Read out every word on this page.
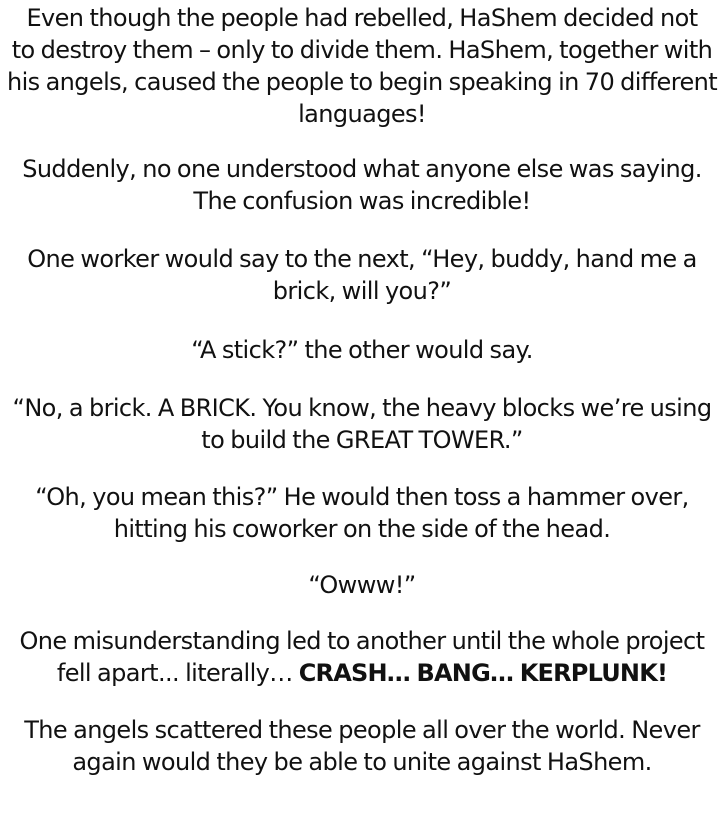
Even though the people had rebelled, HaShem decided not
to destroy them – only to divide them. HaShem, together with
his angels, caused the people to begin speaking in 70 different
languages!

Suddenly, no one understood what anyone else was saying.
The confusion was incredible!

One worker would say to the next, “Hey, buddy, hand me a
brick, will you?”

“A stick?” the other would say.

“No, a brick. A BRICK. You know, the heavy blocks we’re using
to build the GREAT TOWER.”

“Oh, you mean this?” He would then toss a hammer over,
hitting his coworker on the side of the head.

“Owww!”

One misunderstanding led to another until the whole project
fell apart... literally… CRASH… BANG… KERPLUNK!

The angels scattered these people all over the world. Never
again would they be able to unite against HaShem.
